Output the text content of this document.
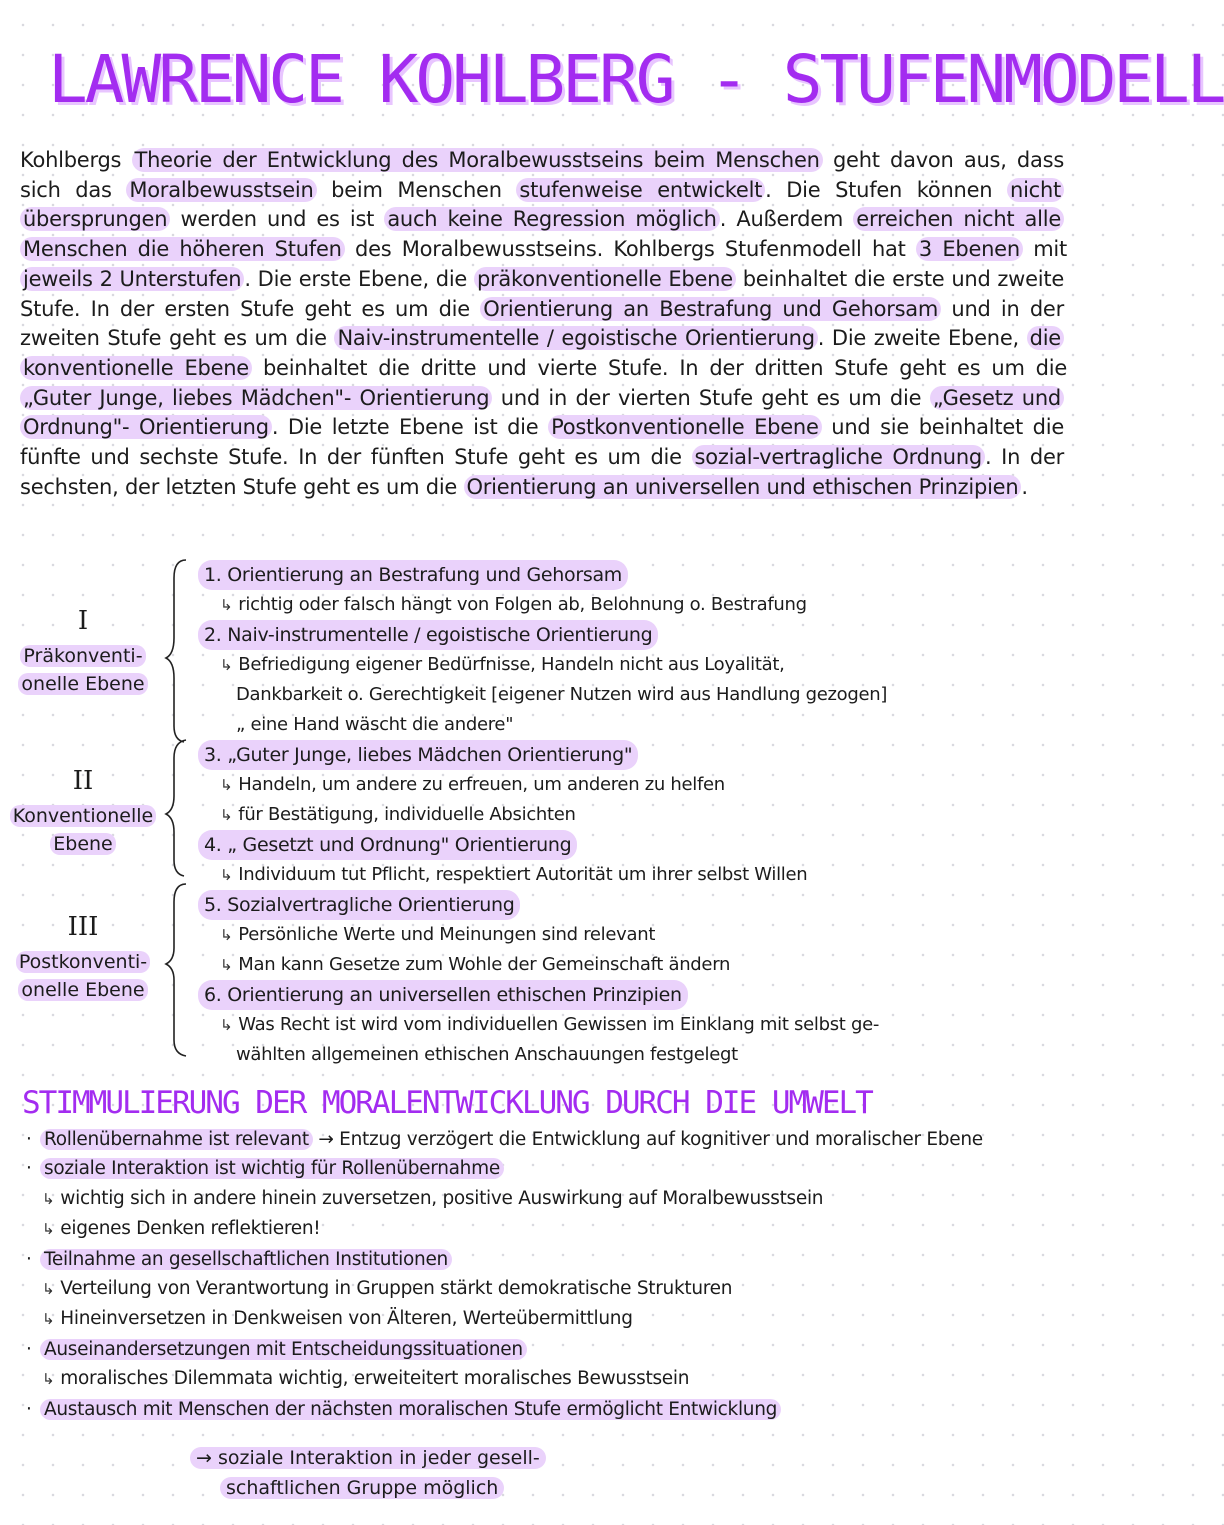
LAWRENCE KOHLBERG - STUFENMODELL
Kohlbergs Theorie der Entwicklung des Moralbewusstseins beim Menschen geht davon aus, dass sich das Moralbewusstsein beim Menschen stufenweise entwickelt . Die Stufen können nicht übersprungen werden und es ist auch keine Regression möglich . Außerdem erreichen nicht alle Menschen die höheren Stufen des Moralbewusstseins. Kohlbergs Stufenmodell hat 3 Ebenen mit jeweils 2 Unterstufen . Die erste Ebene, die präkonventionelle Ebene beinhaltet die erste und zweite Stufe. In der ersten Stufe geht es um die Orientierung an Bestrafung und Gehorsam und in der zweiten Stufe geht es um die Naiv-instrumentelle / egoistische Orientierung . Die zweite Ebene, die konventionelle Ebene beinhaltet die dritte und vierte Stufe. In der dritten Stufe geht es um die „Guter Junge, liebes Mädchen"- Orientierung und in der vierten Stufe geht es um die „Gesetz und Ordnung"- Orientierung . Die letzte Ebene ist die Postkonventionelle Ebene und sie beinhaltet die fünfte und sechste Stufe. In der fünften Stufe geht es um die sozial-vertragliche Ordnung . In der sechsten, der letzten Stufe geht es um die Orientierung an universellen und ethischen Prinzipien .
I
Präkonventi-
onelle Ebene
II
Konventionelle
Ebene
III
Postkonventi-
onelle Ebene
1. Orientierung an Bestrafung und Gehorsam
↳ richtig oder falsch hängt von Folgen ab, Belohnung o. Bestrafung
2. Naiv-instrumentelle / egoistische Orientierung
↳ Befriedigung eigener Bedürfnisse, Handeln nicht aus Loyalität,
Dankbarkeit o. Gerechtigkeit [eigener Nutzen wird aus Handlung gezogen]
„ eine Hand wäscht die andere"
3. „Guter Junge, liebes Mädchen Orientierung"
↳ Handeln, um andere zu erfreuen, um anderen zu helfen
↳ für Bestätigung, individuelle Absichten
4. „ Gesetzt und Ordnung" Orientierung
↳ Individuum tut Pflicht, respektiert Autorität um ihrer selbst Willen
5. Sozialvertragliche Orientierung
↳ Persönliche Werte und Meinungen sind relevant
↳ Man kann Gesetze zum Wohle der Gemeinschaft ändern
6. Orientierung an universellen ethischen Prinzipien
↳ Was Recht ist wird vom individuellen Gewissen im Einklang mit selbst ge-
wählten allgemeinen ethischen Anschauungen festgelegt
STIMMULIERUNG DER MORALENTWICKLUNG DURCH DIE UMWELT
· Rollenübernahme ist relevant → Entzug verzögert die Entwicklung auf kognitiver und moralischer Ebene
· soziale Interaktion ist wichtig für Rollenübernahme
↳ wichtig sich in andere hinein zuversetzen, positive Auswirkung auf Moralbewusstsein
↳ eigenes Denken reflektieren!
· Teilnahme an gesellschaftlichen Institutionen
↳ Verteilung von Verantwortung in Gruppen stärkt demokratische Strukturen
↳ Hineinversetzen in Denkweisen von Älteren, Werteübermittlung
· Auseinandersetzungen mit Entscheidungssituationen
↳ moralisches Dilemmata wichtig, erweiteitert moralisches Bewusstsein
· Austausch mit Menschen der nächsten moralischen Stufe ermöglicht Entwicklung
→ soziale Interaktion in jeder gesell-
schaftlichen Gruppe möglich
